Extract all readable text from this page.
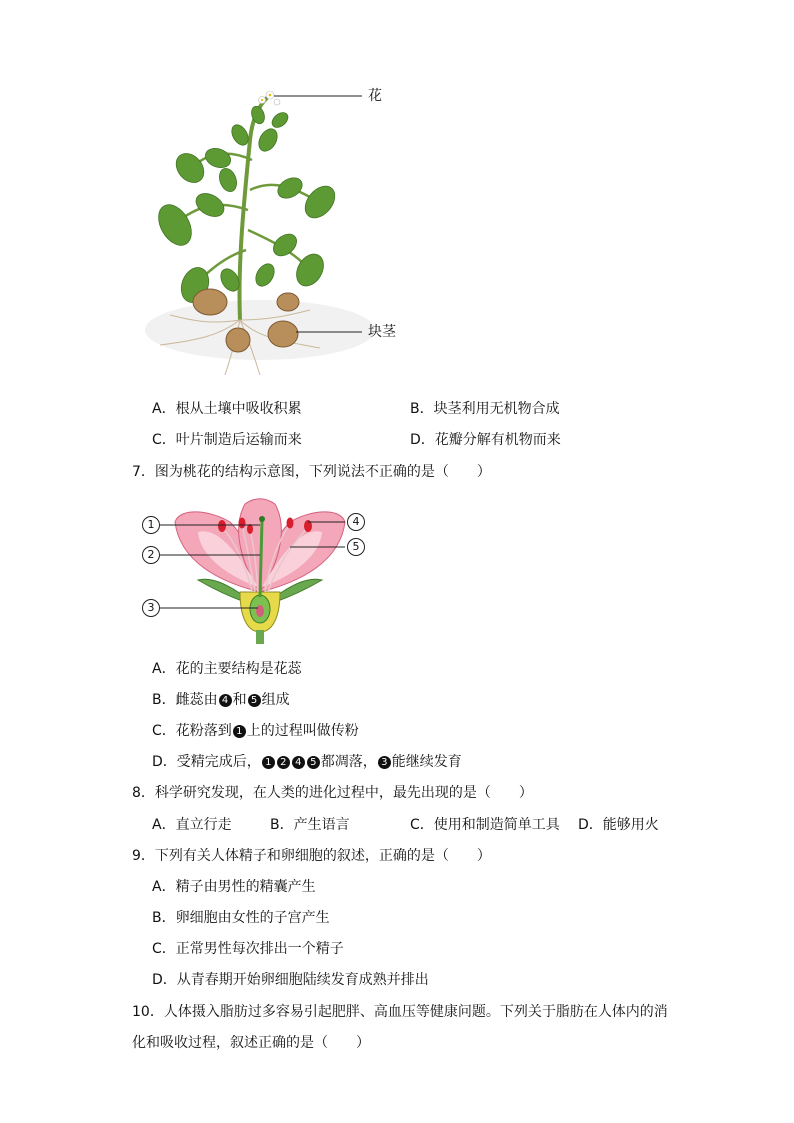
花
块茎
A．根从土壤中吸收积累	B．块茎利用无机物合成
C．叶片制造后运输而来	D．花瓣分解有机物而来
7．图为桃花的结构示意图，下列说法不正确的是（　　）
1
2
3
4
5
A．花的主要结构是花蕊
B．雌蕊由 4 和 5 组成
C．花粉落到 1 上的过程叫做传粉
D．受精完成后， 1 2 4 5 都凋落， 3 能继续发育
8．科学研究发现，在人类的进化过程中，最先出现的是（　　）
A．直立行走	B．产生语言	C．使用和制造简单工具 D．能够用火
9．下列有关人体精子和卵细胞的叙述，正确的是（　　）
A．精子由男性的精囊产生
B．卵细胞由女性的子宫产生
C．正常男性每次排出一个精子
D．从青春期开始卵细胞陆续发育成熟并排出
10．人体摄入脂肪过多容易引起肥胖、高血压等健康问题。下列关于脂肪在人体内的消
化和吸收过程，叙述正确的是（　　）
